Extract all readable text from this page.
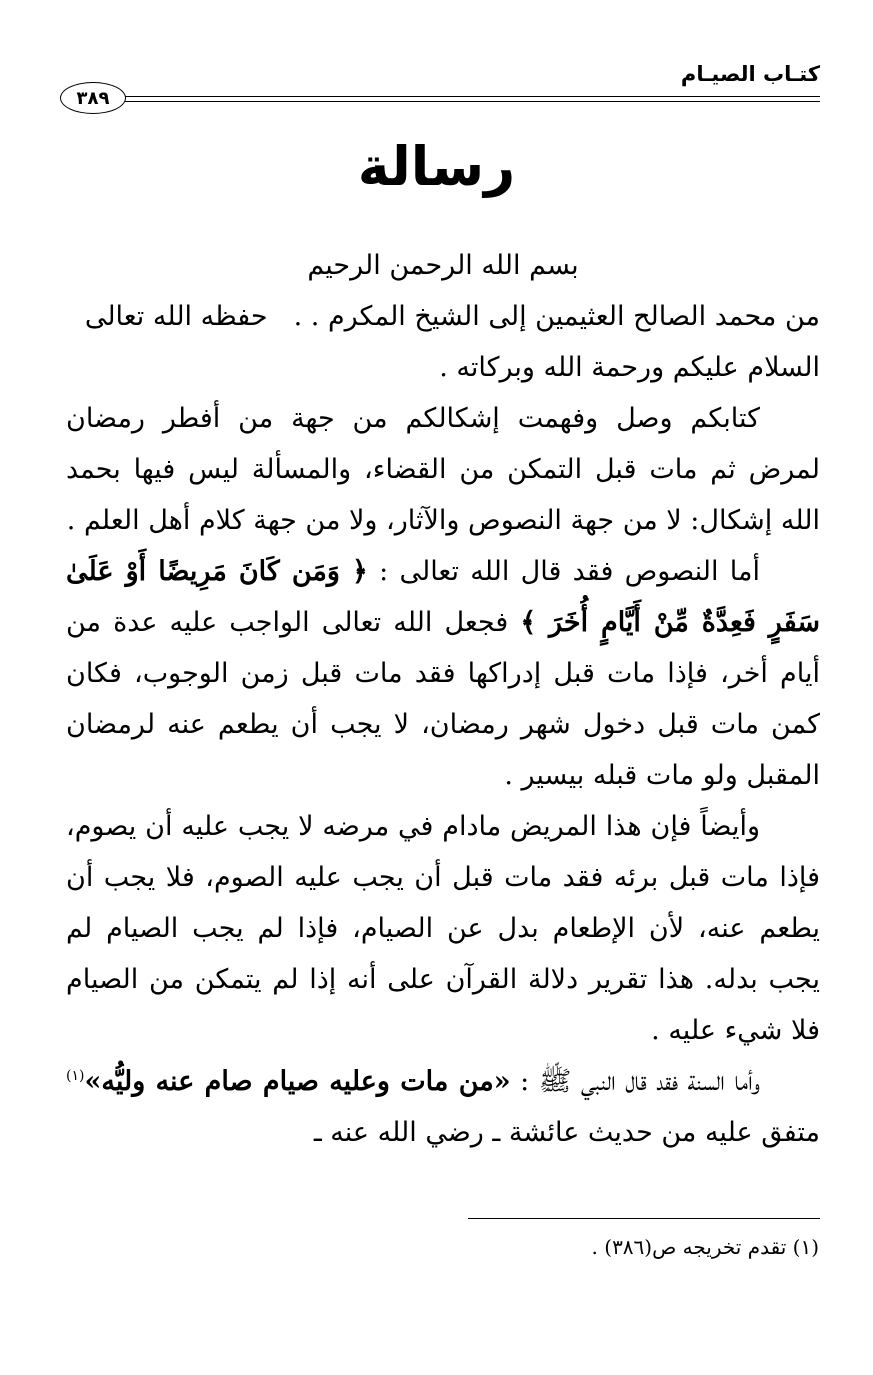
كتـاب الصيـام
٣٨٩
رسالة

بسم الله الرحمن الرحيم

من محمد الصالح العثيمين إلى الشيخ المكرم . .حفظه الله تعالى

السلام عليكم ورحمة الله وبركاته .

كتابكم وصل وفهمت إشكالكم من جهة من أفطر رمضان لمرض ثم مات قبل التمكن من القضاء، والمسألة ليس فيها بحمد الله إشكال: لا من جهة النصوص والآثار، ولا من جهة كلام أهل العلم .

أما النصوص فقد قال الله تعالى : ﴿ وَمَن كَانَ مَرِيضًا أَوْ عَلَىٰ سَفَرٍ فَعِدَّةٌ مِّنْ أَيَّامٍ أُخَرَ ﴾ فجعل الله تعالى الواجب عليه عدة من أيام أخر، فإذا مات قبل إدراكها فقد مات قبل زمن الوجوب، فكان كمن مات قبل دخول شهر رمضان، لا يجب أن يطعم عنه لرمضان المقبل ولو مات قبله بيسير .

وأيضاً فإن هذا المريض مادام في مرضه لا يجب عليه أن يصوم، فإذا مات قبل برئه فقد مات قبل أن يجب عليه الصوم، فلا يجب أن يطعم عنه، لأن الإطعام بدل عن الصيام، فإذا لم يجب الصيام لم يجب بدله. هذا تقرير دلالة القرآن على أنه إذا لم يتمكن من الصيام فلا شيء عليه .

وأما السنة فقد قال النبي ﷺ : «من مات وعليه صيام صام عنه وليُّه»$^{(١)}$ متفق عليه من حديث عائشة ـ رضي الله عنه ـ

(١) تقدم تخريجه ص(٣٨٦) .
